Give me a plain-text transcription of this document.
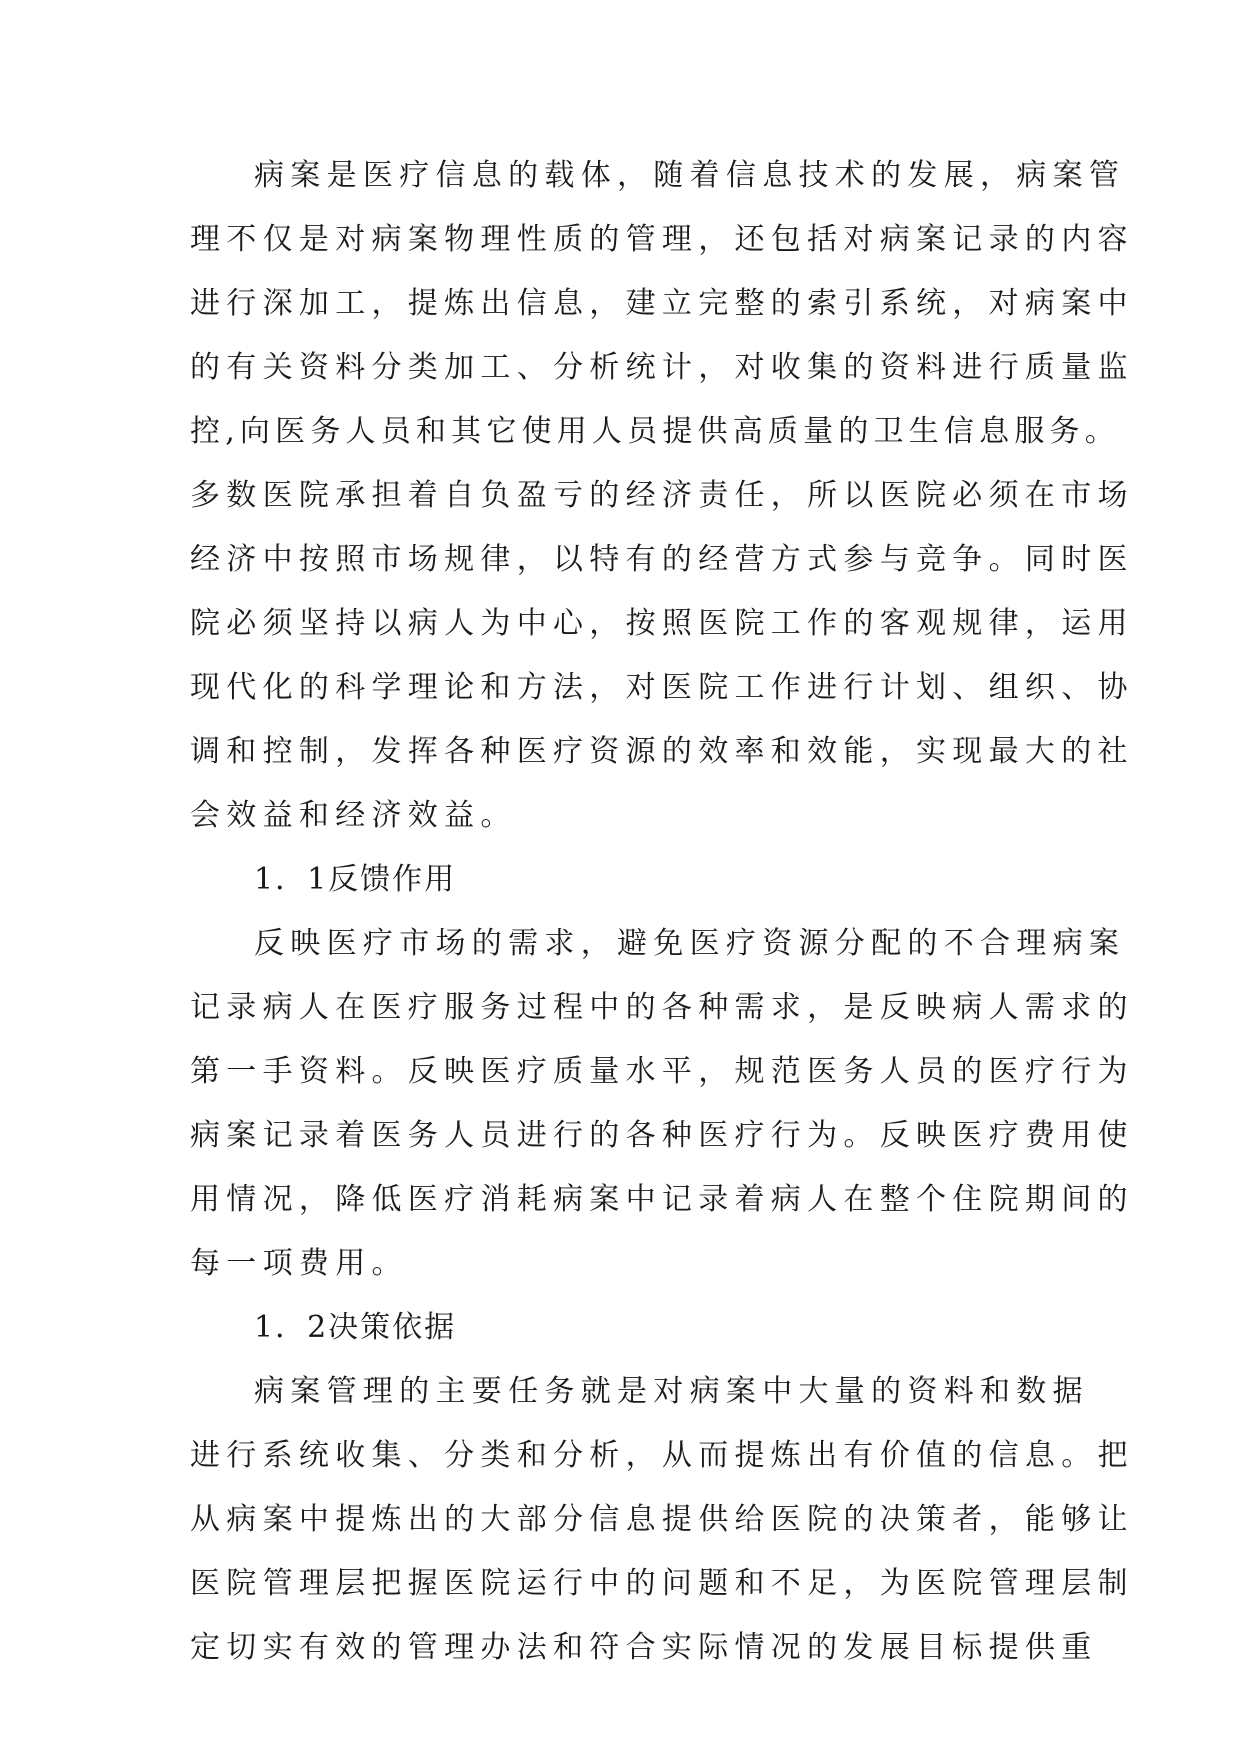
病案是医疗信息的载体，随着信息技术的发展，病案管
理不仅是对病案物理性质的管理，还包括对病案记录的内容
进行深加工，提炼出信息，建立完整的索引系统，对病案中
的有关资料分类加工、分析统计，对收集的资料进行质量监
控,向医务人员和其它使用人员提供高质量的卫生信息服务。
多数医院承担着自负盈亏的经济责任，所以医院必须在市场
经济中按照市场规律，以特有的经营方式参与竞争。同时医
院必须坚持以病人为中心，按照医院工作的客观规律，运用
现代化的科学理论和方法，对医院工作进行计划、组织、协
调和控制，发挥各种医疗资源的效率和效能，实现最大的社
会效益和经济效益。
1．1反馈作用
反映医疗市场的需求，避免医疗资源分配的不合理病案
记录病人在医疗服务过程中的各种需求，是反映病人需求的
第一手资料。反映医疗质量水平，规范医务人员的医疗行为
病案记录着医务人员进行的各种医疗行为。反映医疗费用使
用情况，降低医疗消耗病案中记录着病人在整个住院期间的
每一项费用。
1．2决策依据
病案管理的主要任务就是对病案中大量的资料和数据
进行系统收集、分类和分析，从而提炼出有价值的信息。把
从病案中提炼出的大部分信息提供给医院的决策者，能够让
医院管理层把握医院运行中的问题和不足，为医院管理层制
定切实有效的管理办法和符合实际情况的发展目标提供重
